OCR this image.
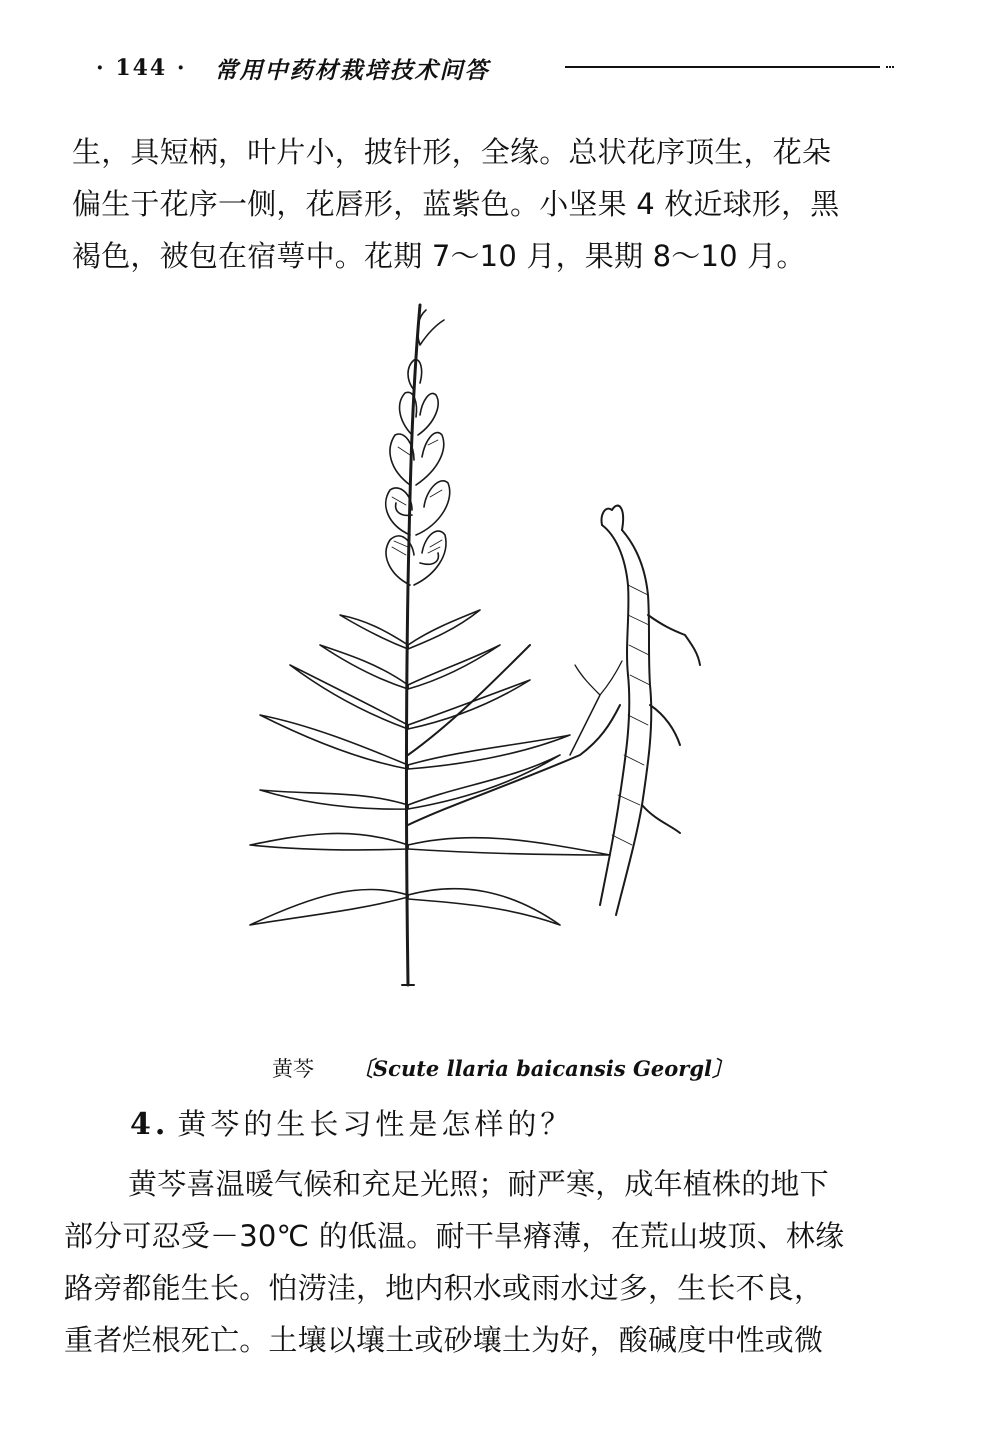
· 144 · 常用中药材栽培技术问答
生，具短柄，叶片小，披针形，全缘。总状花序顶生，花朵
偏生于花序一侧，花唇形，蓝紫色。小坚果 4 枚近球形，黑
褐色，被包在宿萼中。花期 7～10 月，果期 8～10 月。
黄芩 〔Scute llaria baicansis Georgl〕
4. 黄芩的生长习性是怎样的？
黄芩喜温暖气候和充足光照；耐严寒，成年植株的地下
部分可忍受－30℃ 的低温。耐干旱瘠薄，在荒山坡顶、林缘
路旁都能生长。怕涝洼，地内积水或雨水过多，生长不良，
重者烂根死亡。土壤以壤土或砂壤土为好，酸碱度中性或微
